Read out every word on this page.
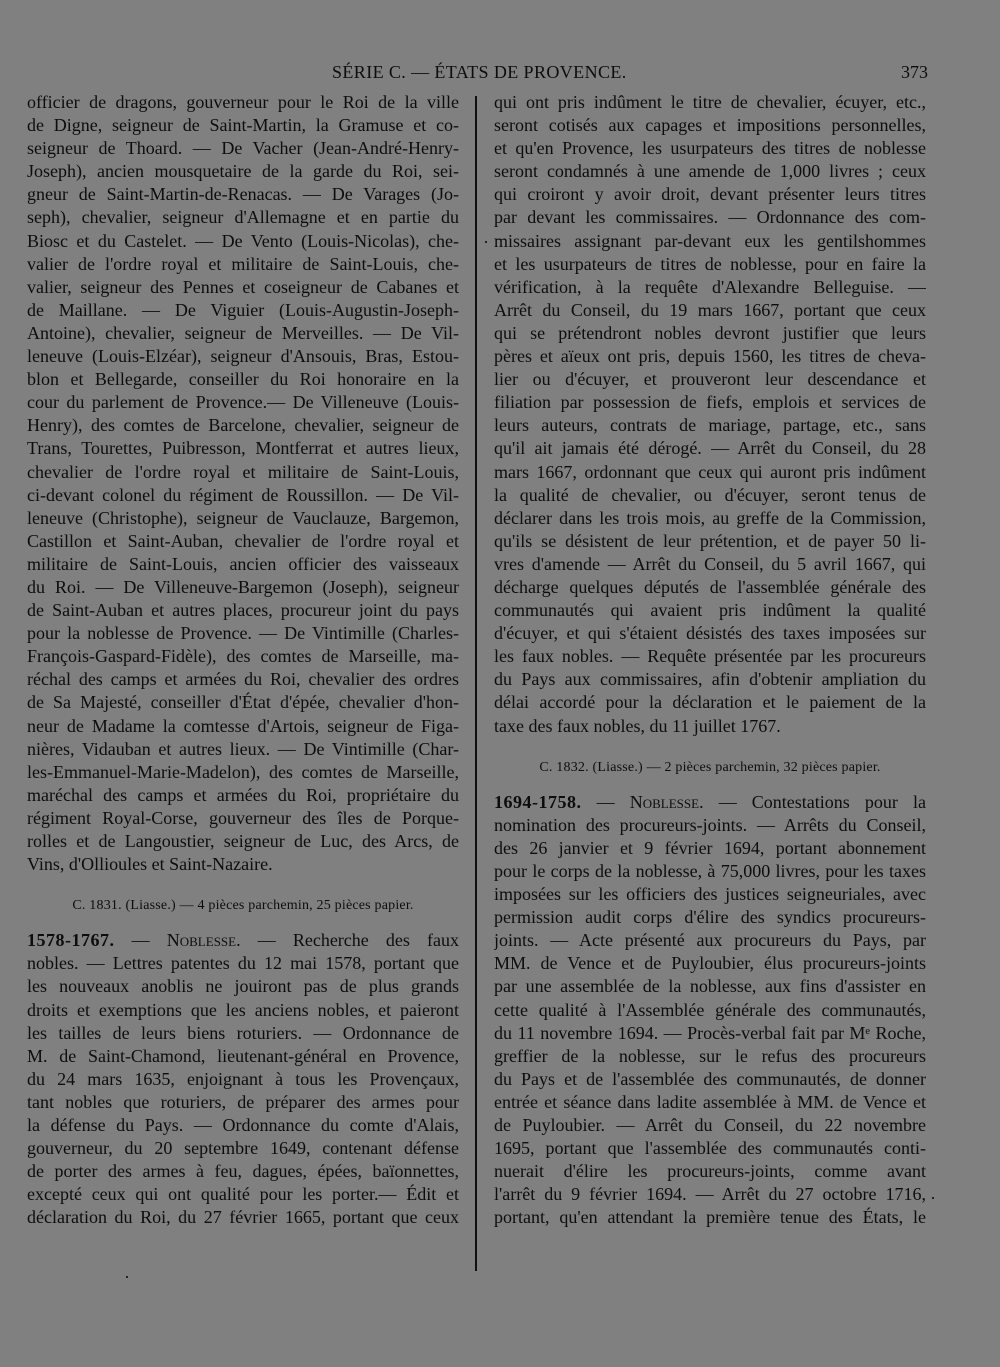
SÉRIE C. — ÉTATS DE PROVENCE.	373
officier de dragons, gouverneur pour le Roi de la ville
de Digne, seigneur de Saint-Martin, la Gramuse et co-
seigneur de Thoard. — De Vacher (Jean-André-Henry-
Joseph), ancien mousquetaire de la garde du Roi, sei-
gneur de Saint-Martin-de-Renacas. — De Varages (Jo-
seph), chevalier, seigneur d'Allemagne et en partie du
Biosc et du Castelet. — De Vento (Louis-Nicolas), che-
valier de l'ordre royal et militaire de Saint-Louis, che-
valier, seigneur des Pennes et coseigneur de Cabanes et
de Maillane. — De Viguier (Louis-Augustin-Joseph-
Antoine), chevalier, seigneur de Merveilles. — De Vil-
leneuve (Louis-Elzéar), seigneur d'Ansouis, Bras, Estou-
blon et Bellegarde, conseiller du Roi honoraire en la
cour du parlement de Provence.— De Villeneuve (Louis-
Henry), des comtes de Barcelone, chevalier, seigneur de
Trans, Tourettes, Puibresson, Montferrat et autres lieux,
chevalier de l'ordre royal et militaire de Saint-Louis,
ci-devant colonel du régiment de Roussillon. — De Vil-
leneuve (Christophe), seigneur de Vauclauze, Bargemon,
Castillon et Saint-Auban, chevalier de l'ordre royal et
militaire de Saint-Louis, ancien officier des vaisseaux
du Roi. — De Villeneuve-Bargemon (Joseph), seigneur
de Saint-Auban et autres places, procureur joint du pays
pour la noblesse de Provence. — De Vintimille (Charles-
François-Gaspard-Fidèle), des comtes de Marseille, ma-
réchal des camps et armées du Roi, chevalier des ordres
de Sa Majesté, conseiller d'État d'épée, chevalier d'hon-
neur de Madame la comtesse d'Artois, seigneur de Figa-
nières, Vidauban et autres lieux. — De Vintimille (Char-
les-Emmanuel-Marie-Madelon), des comtes de Marseille,
maréchal des camps et armées du Roi, propriétaire du
régiment Royal-Corse, gouverneur des îles de Porque-
rolles et de Langoustier, seigneur de Luc, des Arcs, de
Vins, d'Ollioules et Saint-Nazaire.
C. 1831. (Liasse.) — 4 pièces parchemin, 25 pièces papier.
1578-1767. — Noblesse. — Recherche des faux
nobles. — Lettres patentes du 12 mai 1578, portant que
les nouveaux anoblis ne jouiront pas de plus grands
droits et exemptions que les anciens nobles, et paieront
les tailles de leurs biens roturiers. — Ordonnance de
M. de Saint-Chamond, lieutenant-général en Provence,
du 24 mars 1635, enjoignant à tous les Provençaux,
tant nobles que roturiers, de préparer des armes pour
la défense du Pays. — Ordonnance du comte d'Alais,
gouverneur, du 20 septembre 1649, contenant défense
de porter des armes à feu, dagues, épées, baïonnettes,
excepté ceux qui ont qualité pour les porter.— Édit et
déclaration du Roi, du 27 février 1665, portant que ceux
qui ont pris indûment le titre de chevalier, écuyer, etc.,
seront cotisés aux capages et impositions personnelles,
et qu'en Provence, les usurpateurs des titres de noblesse
seront condamnés à une amende de 1,000 livres ; ceux
qui croiront y avoir droit, devant présenter leurs titres
par devant les commissaires. — Ordonnance des com-
missaires assignant par-devant eux les gentilshommes
et les usurpateurs de titres de noblesse, pour en faire la
vérification, à la requête d'Alexandre Belleguise. —
Arrêt du Conseil, du 19 mars 1667, portant que ceux
qui se prétendront nobles devront justifier que leurs
pères et aïeux ont pris, depuis 1560, les titres de cheva-
lier ou d'écuyer, et prouveront leur descendance et
filiation par possession de fiefs, emplois et services de
leurs auteurs, contrats de mariage, partage, etc., sans
qu'il ait jamais été dérogé. — Arrêt du Conseil, du 28
mars 1667, ordonnant que ceux qui auront pris indûment
la qualité de chevalier, ou d'écuyer, seront tenus de
déclarer dans les trois mois, au greffe de la Commission,
qu'ils se désistent de leur prétention, et de payer 50 li-
vres d'amende — Arrêt du Conseil, du 5 avril 1667, qui
décharge quelques députés de l'assemblée générale des
communautés qui avaient pris indûment la qualité
d'écuyer, et qui s'étaient désistés des taxes imposées sur
les faux nobles. — Requête présentée par les procureurs
du Pays aux commissaires, afin d'obtenir ampliation du
délai accordé pour la déclaration et le paiement de la
taxe des faux nobles, du 11 juillet 1767.
C. 1832. (Liasse.) — 2 pièces parchemin, 32 pièces papier.
1694-1758. — Noblesse. — Contestations pour la
nomination des procureurs-joints. — Arrêts du Conseil,
des 26 janvier et 9 février 1694, portant abonnement
pour le corps de la noblesse, à 75,000 livres, pour les taxes
imposées sur les officiers des justices seigneuriales, avec
permission audit corps d'élire des syndics procureurs-
joints. — Acte présenté aux procureurs du Pays, par
MM. de Vence et de Puyloubier, élus procureurs-joints
par une assemblée de la noblesse, aux fins d'assister en
cette qualité à l'Assemblée générale des communautés,
du 11 novembre 1694. — Procès-verbal fait par Mᵉ Roche,
greffier de la noblesse, sur le refus des procureurs
du Pays et de l'assemblée des communautés, de donner
entrée et séance dans ladite assemblée à MM. de Vence et
de Puyloubier. — Arrêt du Conseil, du 22 novembre
1695, portant que l'assemblée des communautés conti-
nuerait d'élire les procureurs-joints, comme avant
l'arrêt du 9 février 1694. — Arrêt du 27 octobre 1716,
portant, qu'en attendant la première tenue des États, le
